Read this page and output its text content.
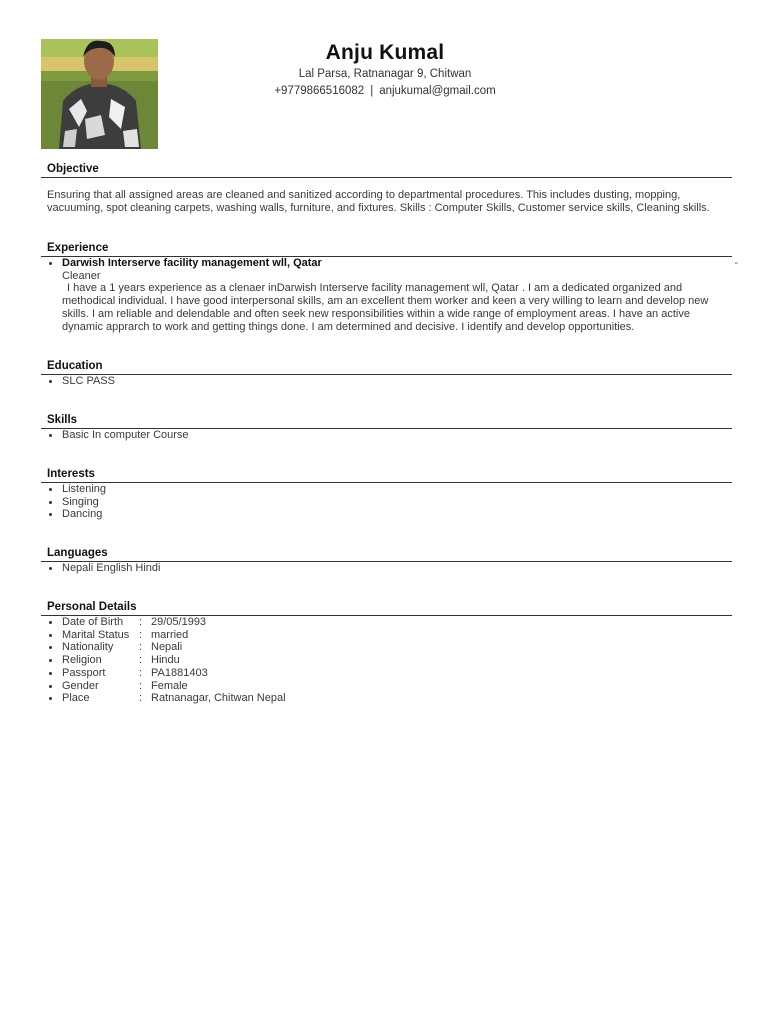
Anju Kumal
Lal Parsa, Ratnanagar 9, Chitwan
+9779866516082 | anjukumal@gmail.com
Objective
Ensuring that all assigned areas are cleaned and sanitized according to departmental procedures. This includes dusting, mopping, vacuuming, spot cleaning carpets, washing walls, furniture, and fixtures. Skills : Computer Skills, Customer service skills, Cleaning skills.
Experience
Darwish Interserve facility management wll, Qatar	-
Cleaner
I have a 1 years experience as a clenaer inDarwish Interserve facility management wll, Qatar . I am a dedicated organized and methodical individual. I have good interpersonal skills, am an excellent them worker and keen a very willing to learn and develop new skills. I am reliable and delendable and often seek new responsibilities within a wide range of employment areas. I have an active dynamic apprarch to work and getting things done. I am determined and decisive. I identify and develop opportunities.
Education
SLC PASS
Skills
Basic In computer Course
Interests
Listening
Singing
Dancing
Languages
Nepali English Hindi
Personal Details
Date of Birth	: 29/05/1993
Marital Status : married
Nationality	: Nepali
Religion	: Hindu
Passport	: PA1881403
Gender	: Female
Place	: Ratnanagar, Chitwan Nepal
